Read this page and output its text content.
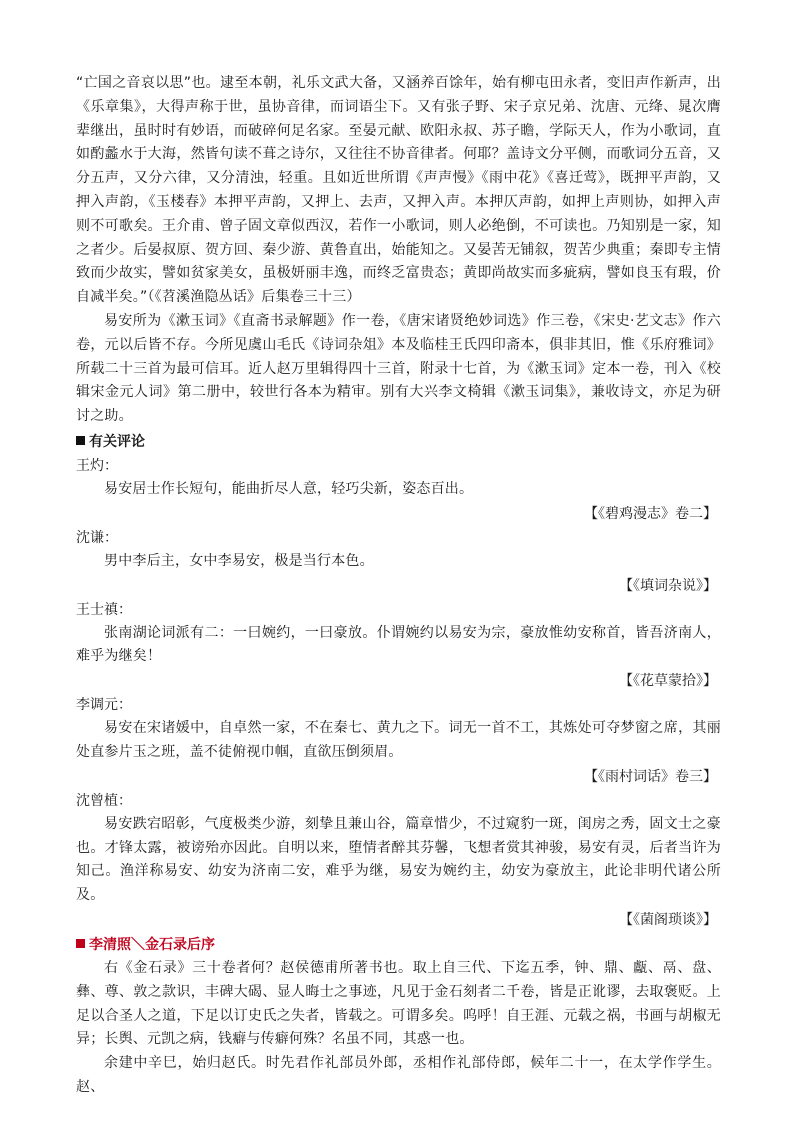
“亡国之音哀以思”也。逮至本朝，礼乐文武大备，又涵养百馀年，始有柳屯田永者，变旧声作新声，出《乐章集》，大得声称于世，虽协音律，而词语尘下。又有张子野、宋子京兄弟、沈唐、元绛、晁次膺辈继出，虽时时有妙语，而破碎何足名家。至晏元献、欧阳永叔、苏子瞻，学际天人，作为小歌词，直如酌蠡水于大海，然皆句读不葺之诗尔，又往往不协音律者。何耶？盖诗文分平侧，而歌词分五音，又分五声，又分六律，又分清浊，轻重。且如近世所谓《声声慢》《雨中花》《喜迁莺》，既押平声韵，又押入声韵，《玉楼春》本押平声韵，又押上、去声，又押入声。本押仄声韵，如押上声则协，如押入声则不可歌矣。王介甫、曾子固文章似西汉，若作一小歌词，则人必绝倒，不可读也。乃知别是一家，知之者少。后晏叔原、贺方回、秦少游、黄鲁直出，始能知之。又晏苦无铺叙，贺苦少典重；秦即专主情致而少故实，譬如贫家美女，虽极妍丽丰逸，而终乏富贵态；黄即尚故实而多疵病，譬如良玉有瑕，价自减半矣。”（《苕溪渔隐丛话》后集卷三十三）

易安所为《漱玉词》《直斋书录解题》作一卷，《唐宋诸贤绝妙词选》作三卷，《宋史·艺文志》作六卷，元以后皆不存。今所见虞山毛氏《诗词杂俎》本及临桂王氏四印斋本，俱非其旧，惟《乐府雅词》所载二十三首为最可信耳。近人赵万里辑得四十三首，附录十七首，为《漱玉词》定本一卷，刊入《校辑宋金元人词》第二册中，较世行各本为精审。别有大兴李文椅辑《漱玉词集》，兼收诗文，亦足为研讨之助。

有关评论

王灼：

易安居士作长短句，能曲折尽人意，轻巧尖新，姿态百出。

【《碧鸡漫志》卷二】

沈谦：

男中李后主，女中李易安，极是当行本色。

【《填词杂说》】

王士禛：

张南湖论词派有二：一曰婉约，一曰豪放。仆谓婉约以易安为宗，豪放惟幼安称首，皆吾济南人，难乎为继矣！

【《花草蒙拾》】

李调元：

易安在宋诸媛中，自卓然一家，不在秦七、黄九之下。词无一首不工，其炼处可夺梦窗之席，其丽处直参片玉之班，盖不徒俯视巾帼，直欲压倒须眉。

【《雨村词话》卷三】

沈曾植：

易安跌宕昭彰，气度极类少游，刻挚且兼山谷，篇章惜少，不过窥豹一斑，闺房之秀，固文士之豪也。才锋太露，被谤殆亦因此。自明以来，堕情者醉其芬馨，飞想者赏其神骏，易安有灵，后者当许为知己。渔洋称易安、幼安为济南二安，难乎为继，易安为婉约主，幼安为豪放主，此论非明代诸公所及。

【《菌阁琐谈》】

李清照＼金石录后序

右《金石录》三十卷者何？赵侯德甫所著书也。取上自三代、下迄五季，钟、鼎、甗、鬲、盘、彝、尊、敦之款识，丰碑大碣、显人晦士之事迹，凡见于金石刻者二千卷，皆是正讹谬，去取褒贬。上足以合圣人之道，下足以订史氏之失者，皆载之。可谓多矣。呜呼！自王涯、元载之祸，书画与胡椒无异；长舆、元凯之病，钱癖与传癖何殊？名虽不同，其惑一也。

余建中辛巳，始归赵氏。时先君作礼部员外郎，丞相作礼部侍郎，候年二十一，在太学作学生。赵、
